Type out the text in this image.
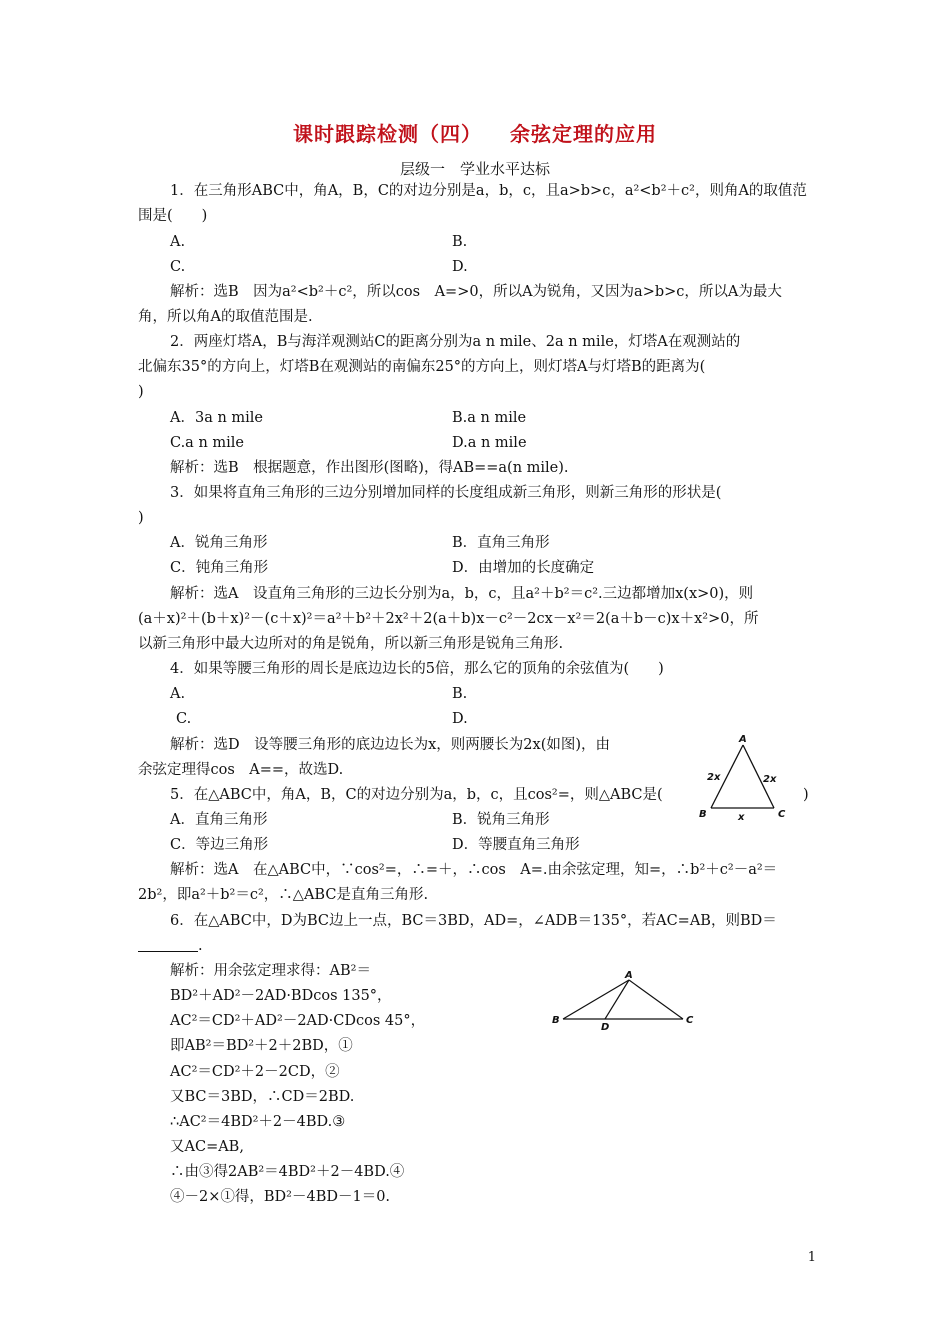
课时跟踪检测（四） 余弦定理的应用
层级一　学业水平达标
1．在三角形ABC中，角A，B，C的对边分别是a，b，c，且a>b>c，a²<b²＋c²，则角A的取值范
围是(　　)
A.	B.
C.	D.
解析：选B　因为a²<b²＋c²，所以cos　A=>0，所以A为锐角，又因为a>b>c，所以A为最大
角，所以角A的取值范围是.
2．两座灯塔A，B与海洋观测站C的距离分别为a n mile、2a n mile，灯塔A在观测站的
北偏东35°的方向上，灯塔B在观测站的南偏东25°的方向上，则灯塔A与灯塔B的距离为(
)
A．3a n mile	B.a n mile
C.a n mile	D.a n mile
解析：选B　根据题意，作出图形(图略)，得AB==a(n mile).
3．如果将直角三角形的三边分别增加同样的长度组成新三角形，则新三角形的形状是(
)
A．锐角三角形	B．直角三角形
C．钝角三角形	D．由增加的长度确定
解析：选A　设直角三角形的三边长分别为a，b，c，且a²＋b²＝c².三边都增加x(x>0)，则
(a＋x)²＋(b＋x)²－(c＋x)²＝a²＋b²＋2x²＋2(a＋b)x－c²－2cx－x²＝2(a＋b－c)x＋x²>0，所
以新三角形中最大边所对的角是锐角，所以新三角形是锐角三角形.
4．如果等腰三角形的周长是底边边长的5倍，那么它的顶角的余弦值为(　　)
A.	B.
C.	D.
解析：选D　设等腰三角形的底边边长为x，则两腰长为2x(如图)，由
余弦定理得cos　A==，故选D.
A
B	C
2x	2x
x
5．在△ABC中，角A，B，C的对边分别为a，b，c，且cos²=，则△ABC是(	)
A．直角三角形	B．锐角三角形
C．等边三角形	D．等腰直角三角形
解析：选A　在△ABC中，∵cos²=，∴=＋，∴cos　A=.由余弦定理，知=，∴b²＋c²－a²＝
2b²，即a²＋b²＝c²，∴△ABC是直角三角形.
6．在△ABC中，D为BC边上一点，BC＝3BD，AD=，∠ADB＝135°，若AC=AB，则BD＝
.
解析：用余弦定理求得：AB²＝
BD²＋AD²－2AD·BDcos 135°，
AC²＝CD²＋AD²－2AD·CDcos 45°，
即AB²＝BD²＋2＋2BD，①
AC²＝CD²＋2－2CD，②
又BC＝3BD，∴CD＝2BD.
∴AC²＝4BD²＋2－4BD.③
又AC=AB,
∴由③得2AB²＝4BD²＋2－4BD.④
④－2×①得，BD²－4BD－1＝0.
A
B	C
D
1
